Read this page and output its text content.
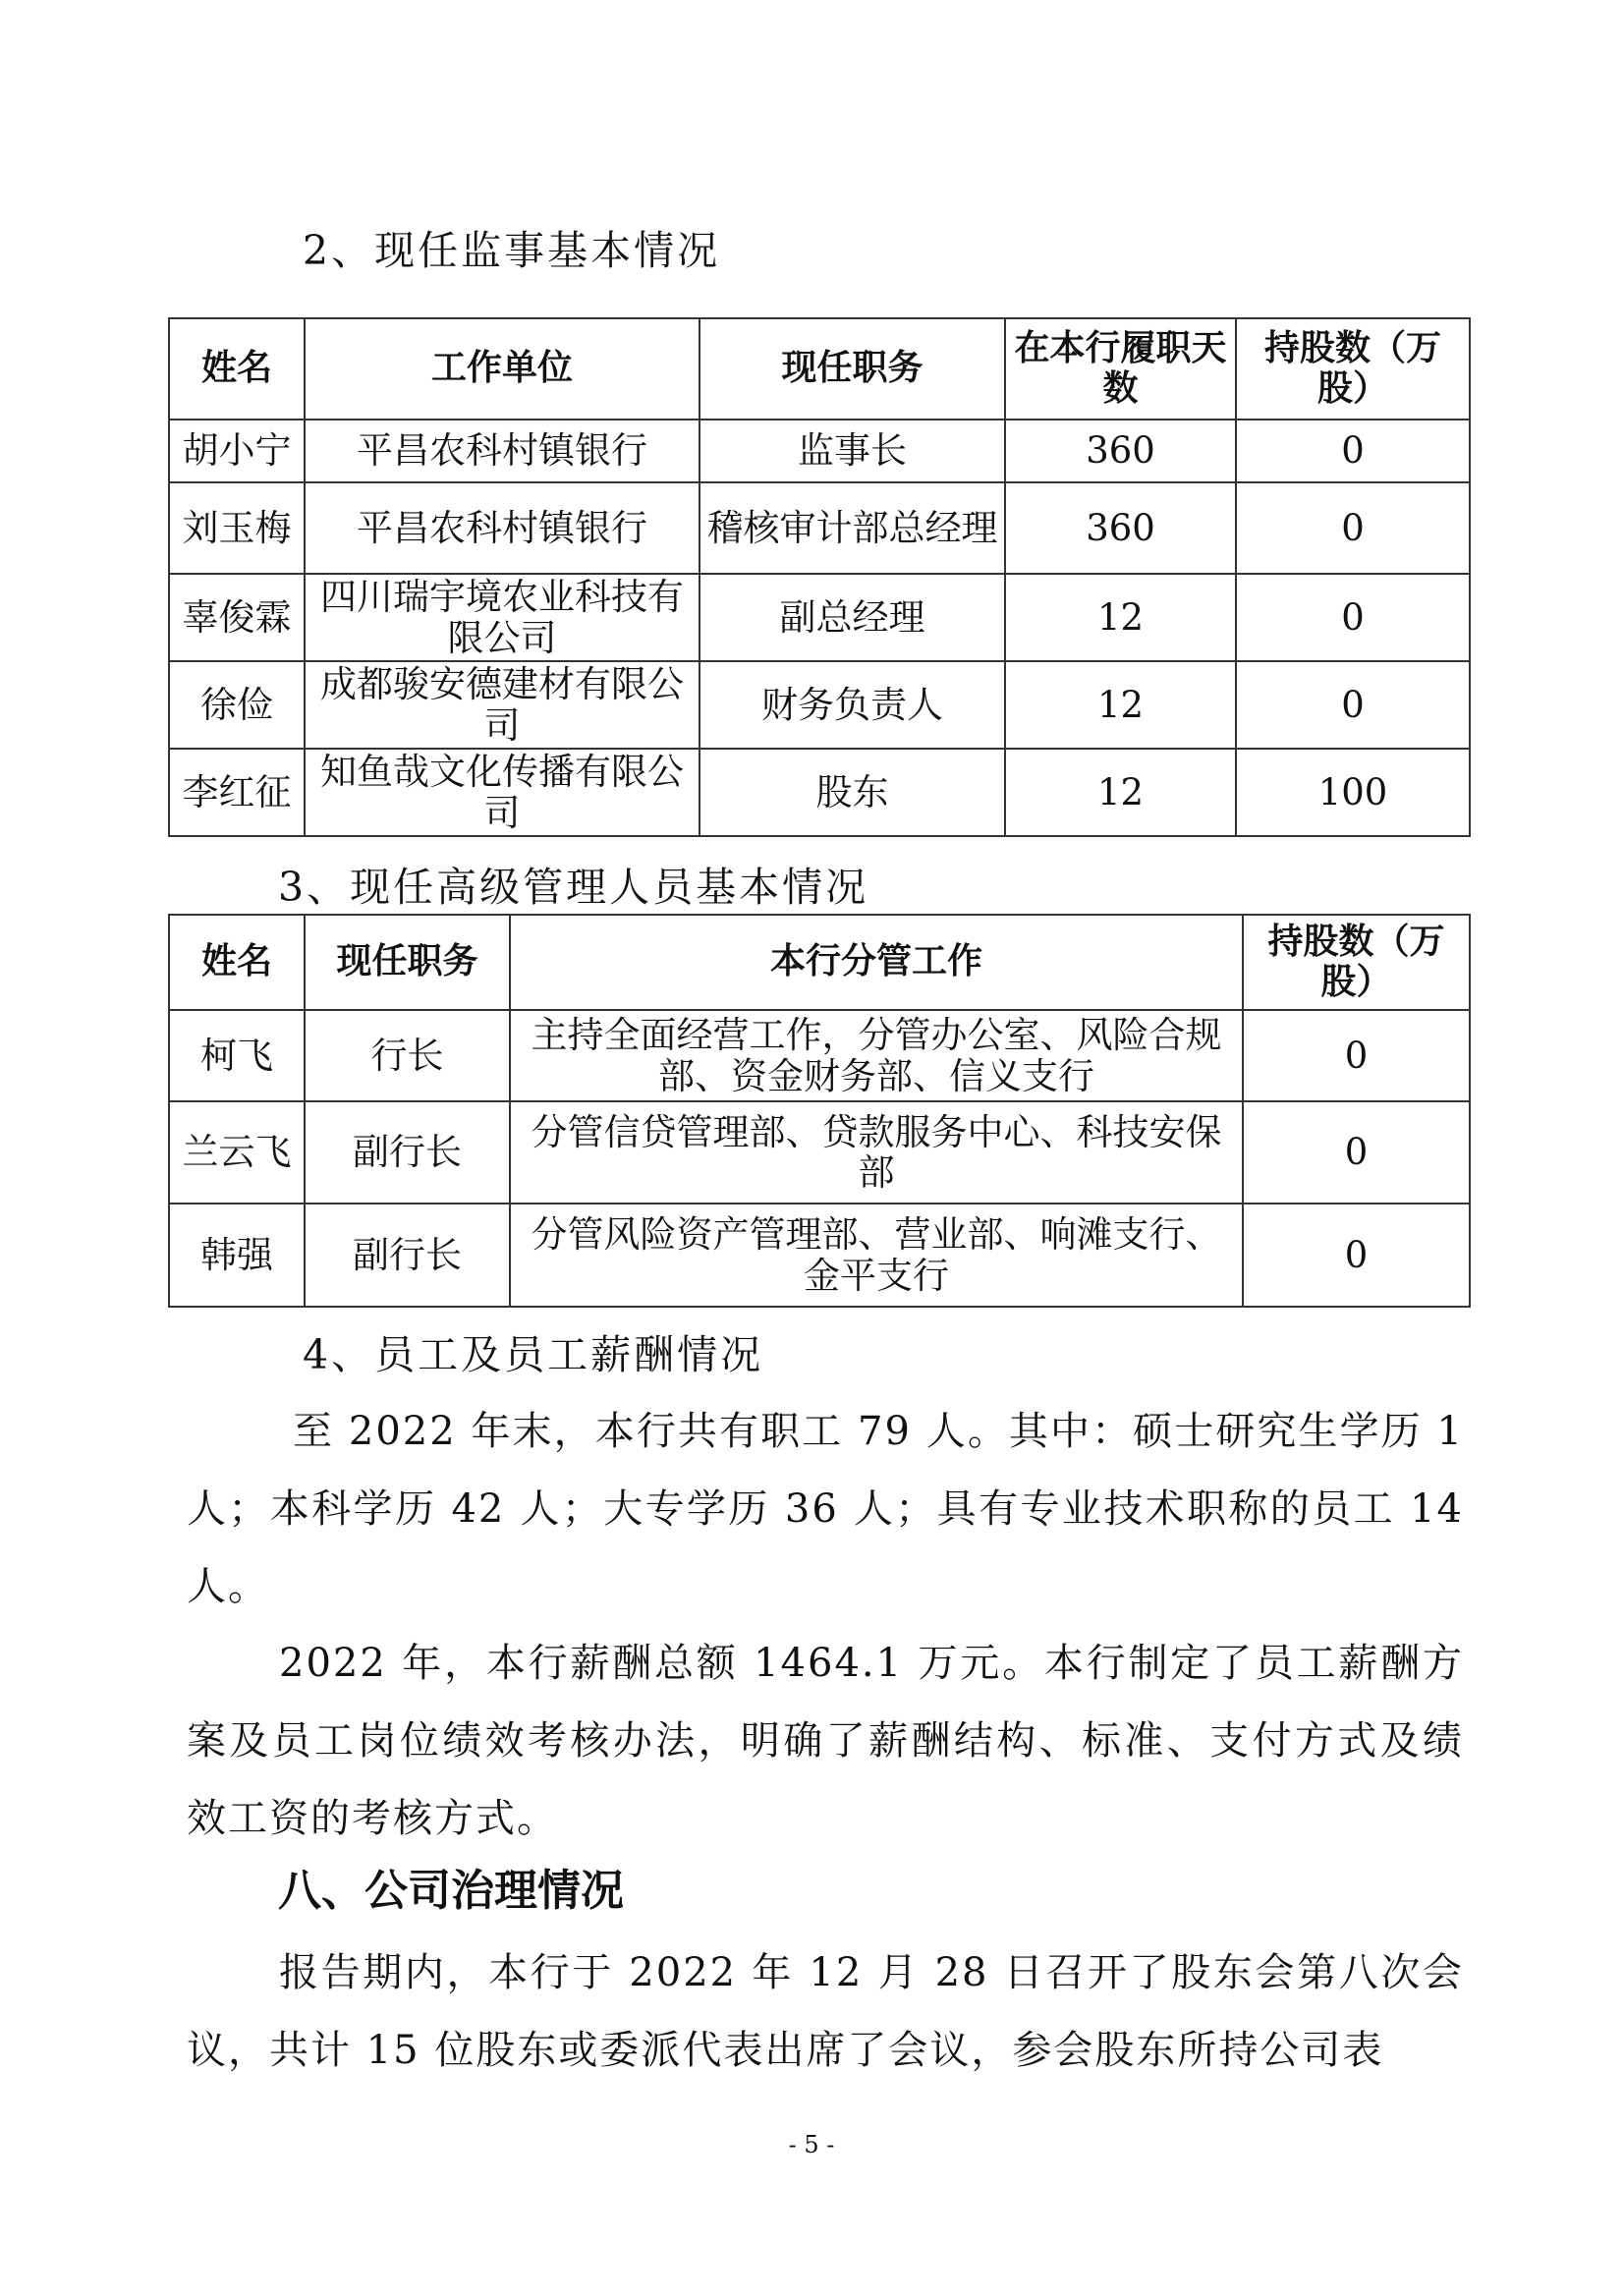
2、现任监事基本情况
姓名	工作单位	现任职务	在本行履职天数	持股数（万股）
胡小宁	平昌农科村镇银行	监事长	360	0
刘玉梅	平昌农科村镇银行	稽核审计部总经理	360	0
辜俊霖	四川瑞宇境农业科技有限公司	副总经理	12	0
徐俭	成都骏安德建材有限公司	财务负责人	12	0
李红征	知鱼哉文化传播有限公司	股东	12	100
3、现任高级管理人员基本情况
姓名	现任职务	本行分管工作	持股数（万股）
柯飞	行长	主持全面经营工作，分管办公室、风险合规部、资金财务部、信义支行	0
兰云飞	副行长	分管信贷管理部、贷款服务中心、科技安保部	0
韩强	副行长	分管风险资产管理部、营业部、响滩支行、金平支行	0
4、员工及员工薪酬情况

至 2022 年末，本行共有职工 79 人。其中：硕士研究生学历 1 人；本科学历 42 人；大专学历 36 人；具有专业技术职称的员工 14 人。

2022 年，本行薪酬总额 1464.1 万元。本行制定了员工薪酬方案及员工岗位绩效考核办法，明确了薪酬结构、标准、支付方式及绩效工资的考核方式。

八、公司治理情况

报告期内，本行于 2022 年 12 月 28 日召开了股东会第八次会议，共计 15 位股东或委派代表出席了会议，参会股东所持公司表

- 5 -
